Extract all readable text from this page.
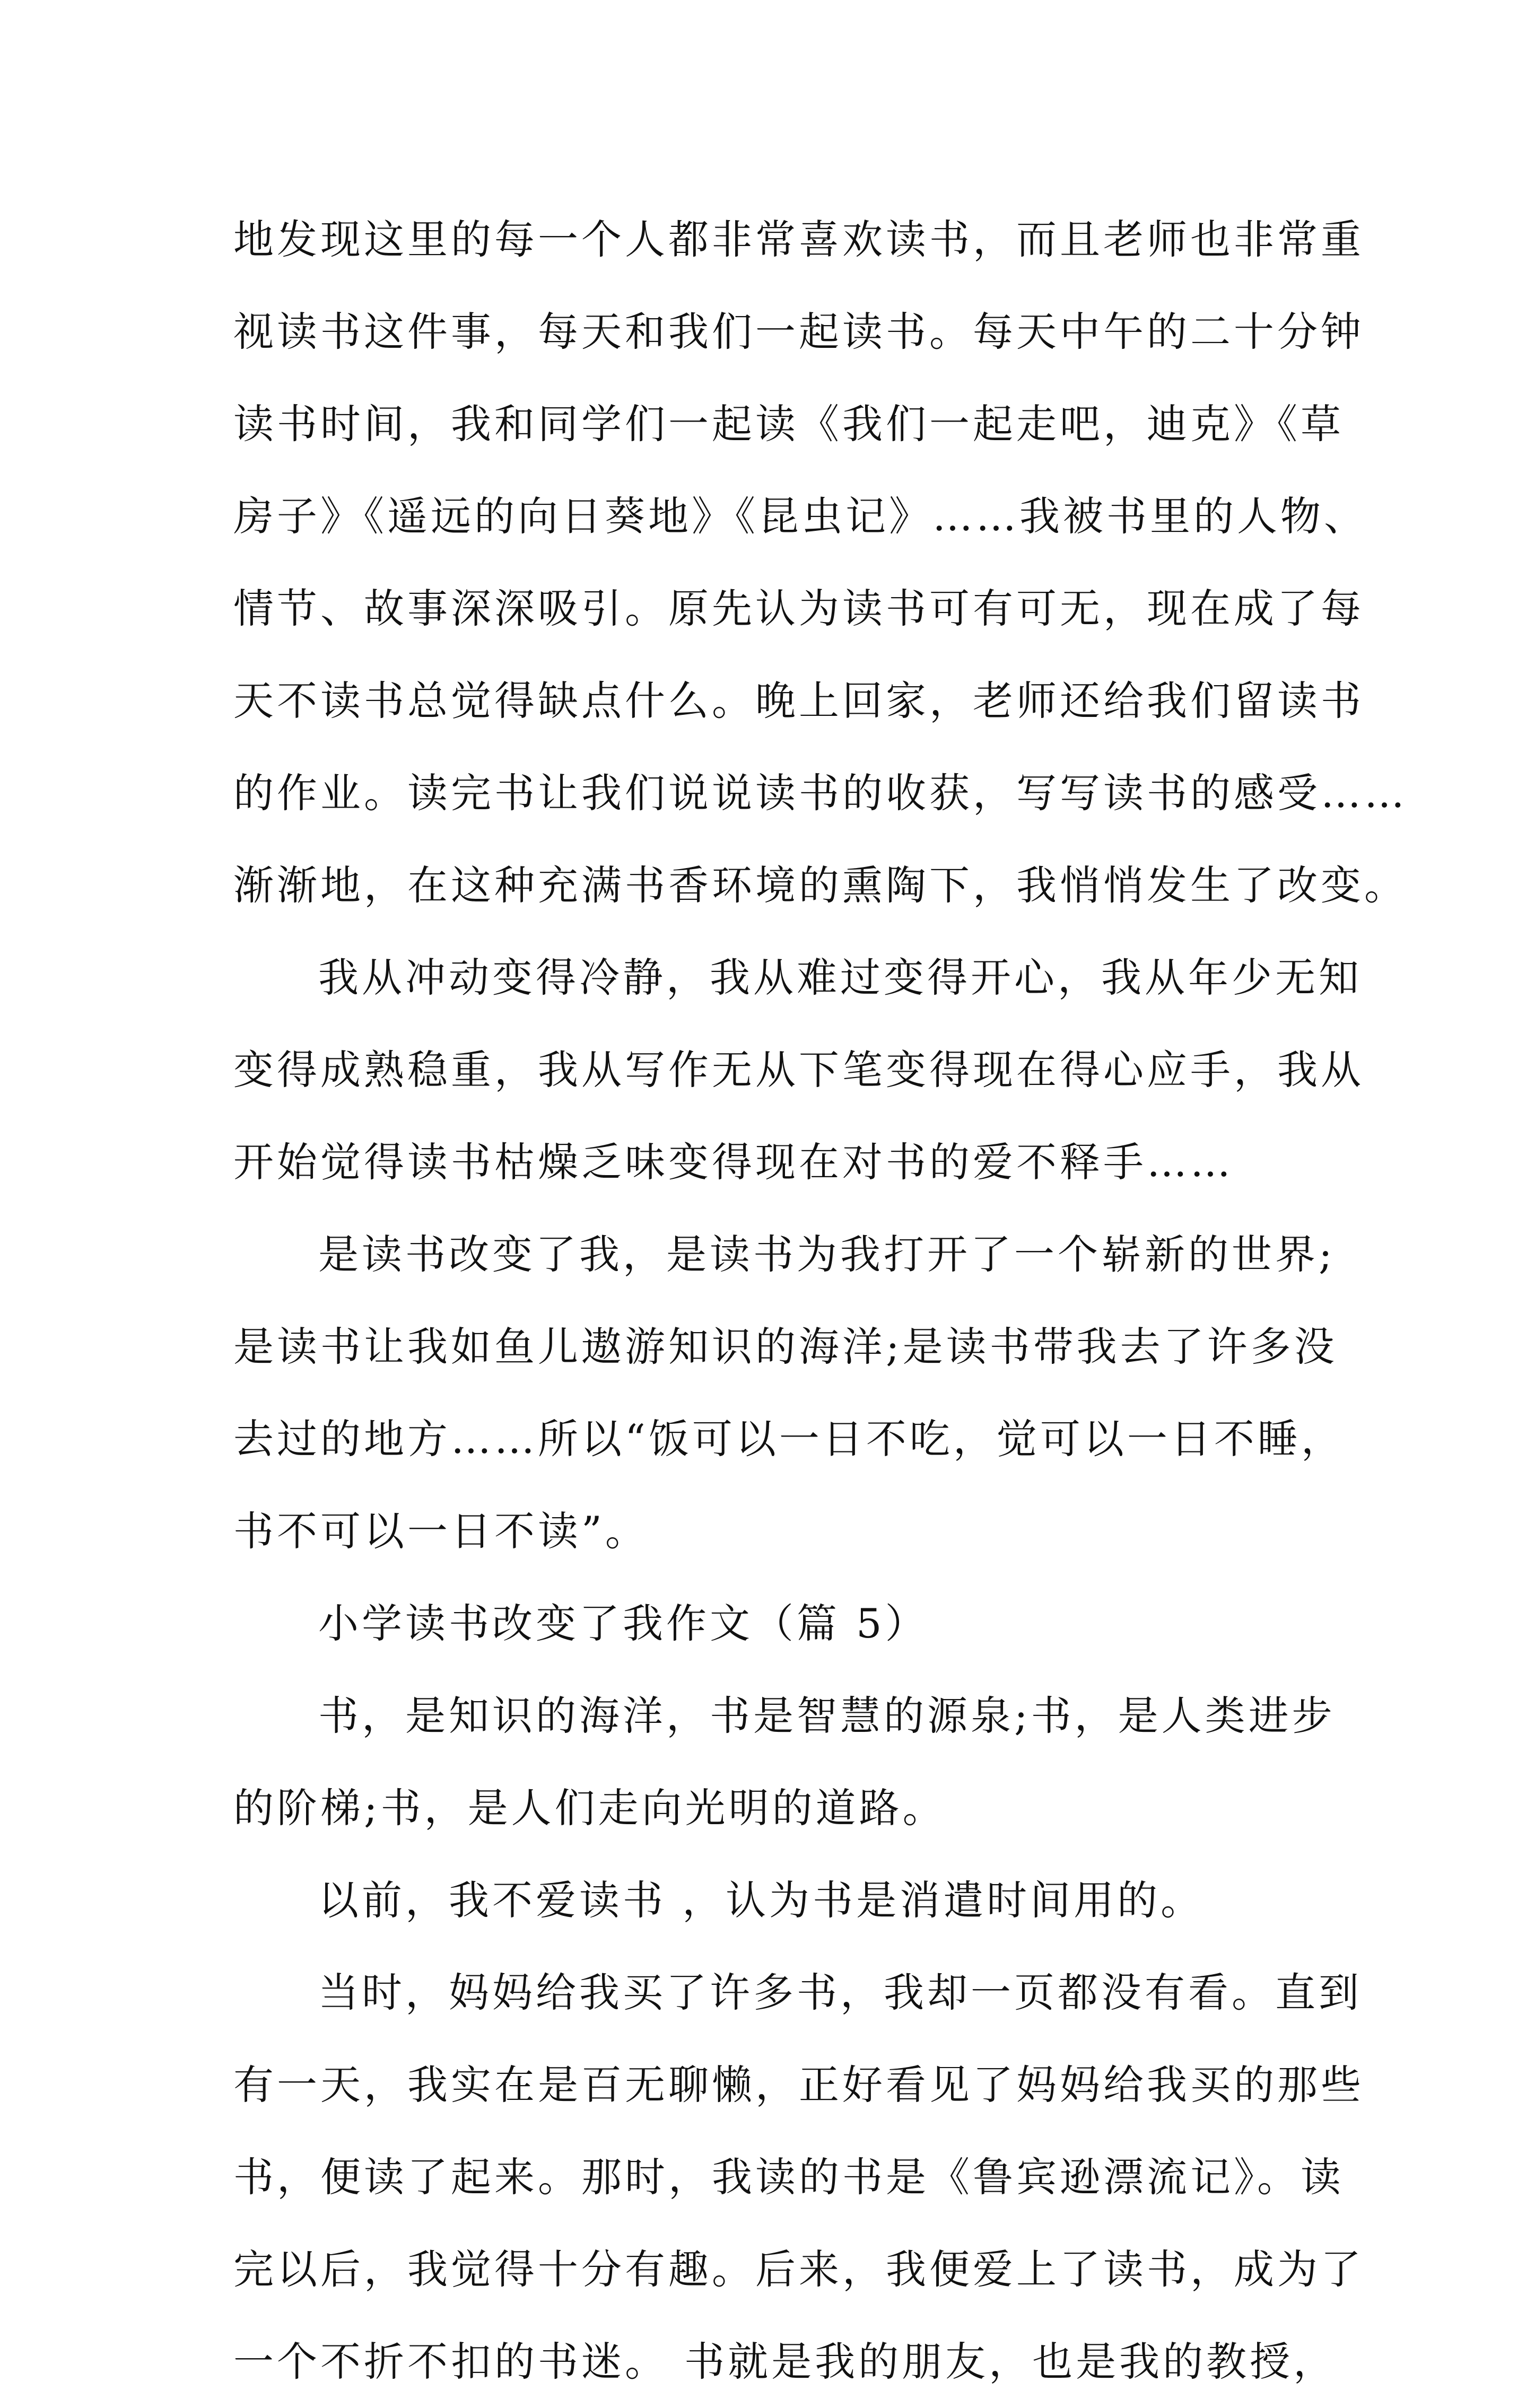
地发现这里的每一个人都非常喜欢读书，而且老师也非常重
视读书这件事，每天和我们一起读书。每天中午的二十分钟
读书时间，我和同学们一起读《我们一起走吧，迪克》《草
房子》《遥远的向日葵地》《昆虫记》……我被书里的人物、
情节、故事深深吸引。原先认为读书可有可无，现在成了每
天不读书总觉得缺点什么。晚上回家，老师还给我们留读书
的作业。读完书让我们说说读书的收获，写写读书的感受……
渐渐地，在这种充满书香环境的熏陶下，我悄悄发生了改变。
我从冲动变得冷静，我从难过变得开心，我从年少无知
变得成熟稳重，我从写作无从下笔变得现在得心应手，我从
开始觉得读书枯燥乏味变得现在对书的爱不释手……
是读书改变了我，是读书为我打开了一个崭新的世界;
是读书让我如鱼儿遨游知识的海洋;是读书带我去了许多没
去过的地方……所以“饭可以一日不吃，觉可以一日不睡，
书不可以一日不读”。
小学读书改变了我作文（篇 5）
书，是知识的海洋，书是智慧的源泉;书，是人类进步
的阶梯;书，是人们走向光明的道路。
以前，我不爱读书 ，认为书是消遣时间用的。
当时，妈妈给我买了许多书，我却一页都没有看。直到
有一天，我实在是百无聊懒，正好看见了妈妈给我买的那些
书，便读了起来。那时，我读的书是《鲁宾逊漂流记》。读
完以后，我觉得十分有趣。后来，我便爱上了读书，成为了
一个不折不扣的书迷。 书就是我的朋友，也是我的教授，
